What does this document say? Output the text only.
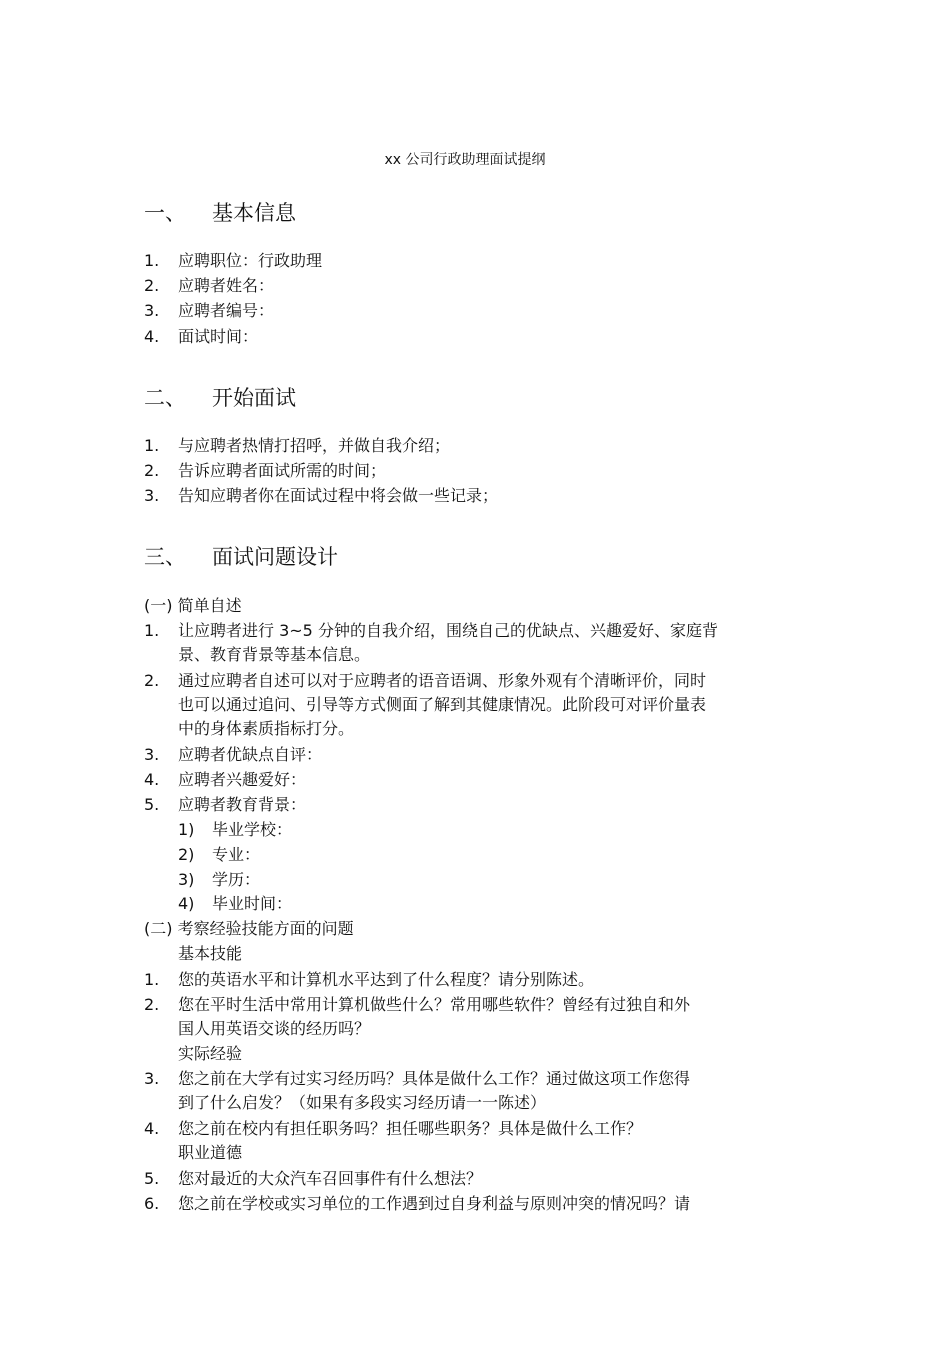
xx 公司行政助理面试提纲
一、 基本信息
1. 应聘职位：行政助理
2. 应聘者姓名：
3. 应聘者编号：
4. 面试时间：
二、 开始面试
1. 与应聘者热情打招呼，并做自我介绍；
2. 告诉应聘者面试所需的时间；
3. 告知应聘者你在面试过程中将会做一些记录；
三、 面试问题设计
(一) 简单自述
1. 让应聘者进行 3~5 分钟的自我介绍，围绕自己的优缺点、兴趣爱好、家庭背
景、教育背景等基本信息。
2. 通过应聘者自述可以对于应聘者的语音语调、形象外观有个清晰评价，同时
也可以通过追问、引导等方式侧面了解到其健康情况。此阶段可对评价量表
中的身体素质指标打分。
3. 应聘者优缺点自评：
4. 应聘者兴趣爱好：
5. 应聘者教育背景：
1) 毕业学校：
2) 专业：
3) 学历：
4) 毕业时间：
(二) 考察经验技能方面的问题
基本技能
1. 您的英语水平和计算机水平达到了什么程度？请分别陈述。
2. 您在平时生活中常用计算机做些什么？常用哪些软件？曾经有过独自和外
国人用英语交谈的经历吗？
实际经验
3. 您之前在大学有过实习经历吗？具体是做什么工作？通过做这项工作您得
到了什么启发？（如果有多段实习经历请一一陈述）
4. 您之前在校内有担任职务吗？担任哪些职务？具体是做什么工作？
职业道德
5. 您对最近的大众汽车召回事件有什么想法？
6. 您之前在学校或实习单位的工作遇到过自身利益与原则冲突的情况吗？请
